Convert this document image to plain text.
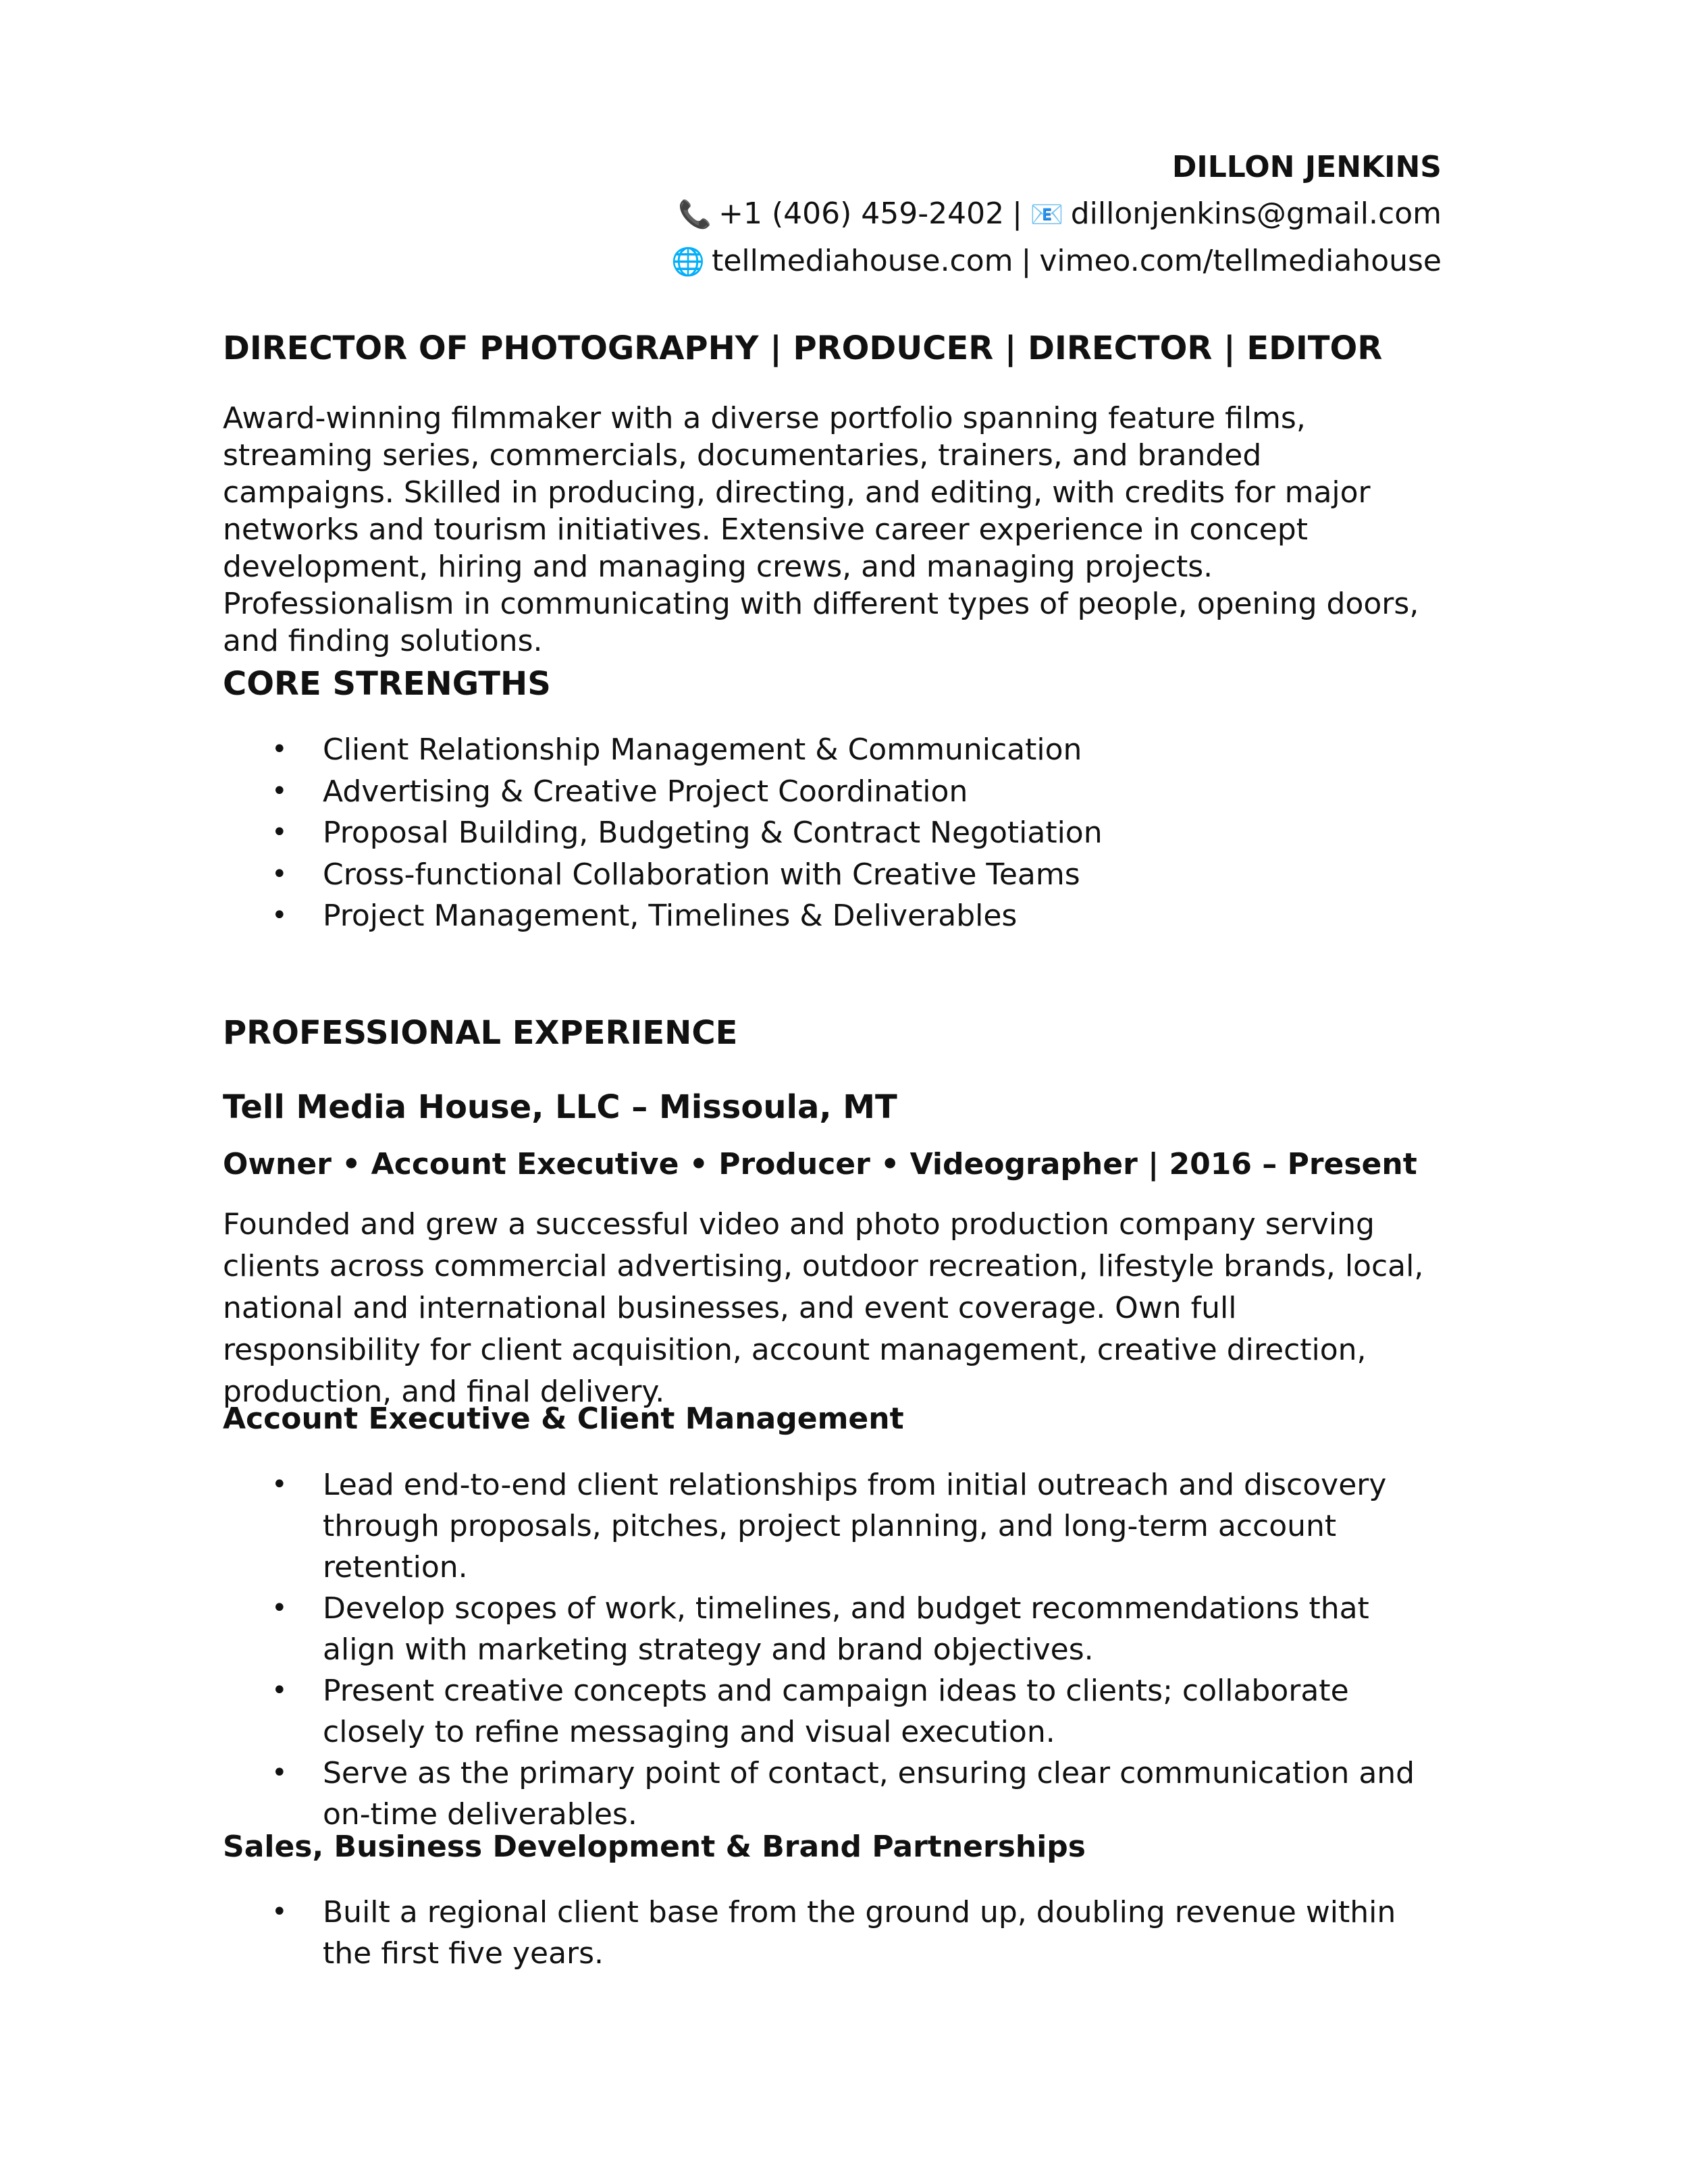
DILLON JENKINS
📞 +1 (406) 459-2402 | 📧 dillonjenkins@gmail.com
🌐 tellmediahouse.com | vimeo.com/tellmediahouse
DIRECTOR OF PHOTOGRAPHY | PRODUCER | DIRECTOR | EDITOR
Award-winning filmmaker with a diverse portfolio spanning feature films, streaming series, commercials, documentaries, trainers, and branded campaigns. Skilled in producing, directing, and editing, with credits for major networks and tourism initiatives. Extensive career experience in concept development, hiring and managing crews, and managing projects. Professionalism in communicating with different types of people, opening doors, and finding solutions.
CORE STRENGTHS
• Client Relationship Management & Communication
• Advertising & Creative Project Coordination
• Proposal Building, Budgeting & Contract Negotiation
• Cross-functional Collaboration with Creative Teams
• Project Management, Timelines & Deliverables
PROFESSIONAL EXPERIENCE
Tell Media House, LLC – Missoula, MT
Owner • Account Executive • Producer • Videographer | 2016 – Present
Founded and grew a successful video and photo production company serving clients across commercial advertising, outdoor recreation, lifestyle brands, local, national and international businesses, and event coverage. Own full responsibility for client acquisition, account management, creative direction, production, and final delivery.
Account Executive & Client Management
• Lead end-to-end client relationships from initial outreach and discovery through proposals, pitches, project planning, and long-term account retention.
• Develop scopes of work, timelines, and budget recommendations that align with marketing strategy and brand objectives.
• Present creative concepts and campaign ideas to clients; collaborate closely to refine messaging and visual execution.
• Serve as the primary point of contact, ensuring clear communication and on-time deliverables.
Sales, Business Development & Brand Partnerships
• Built a regional client base from the ground up, doubling revenue within the first five years.
